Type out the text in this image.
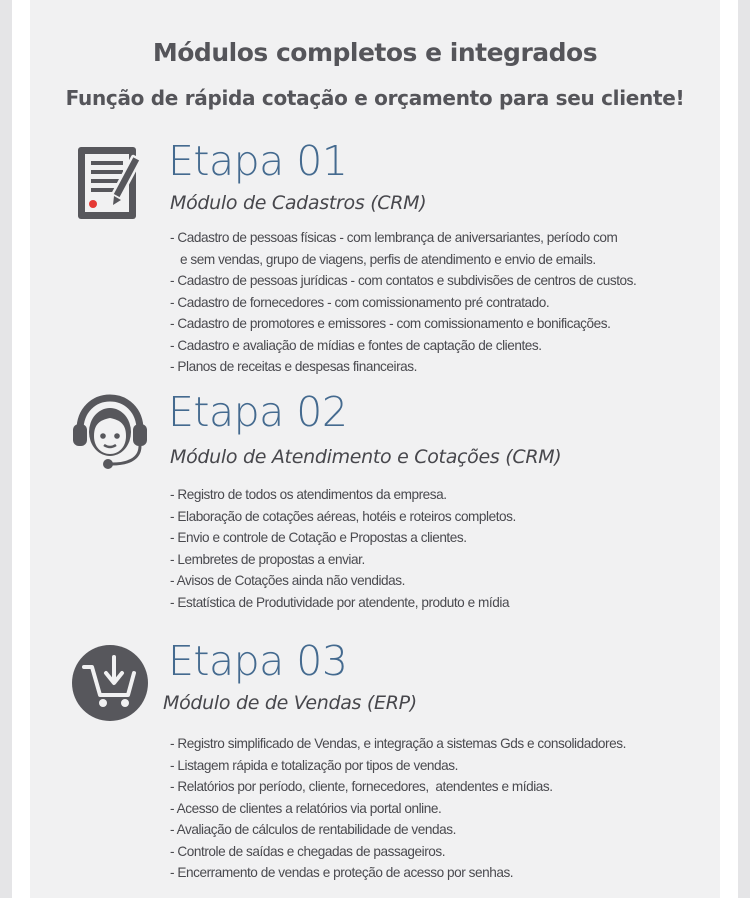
Módulos completos e integrados
Função de rápida cotação e orçamento para seu cliente!
Etapa 01
Módulo de Cadastros (CRM)
- Cadastro de pessoas físicas - com lembrança de aniversariantes, período com
e sem vendas, grupo de viagens, perfis de atendimento e envio de emails.
- Cadastro de pessoas jurídicas - com contatos e subdivisões de centros de custos.
- Cadastro de fornecedores - com comissionamento pré contratado.
- Cadastro de promotores e emissores - com comissionamento e bonificações.
- Cadastro e avaliação de mídias e fontes de captação de clientes.
- Planos de receitas e despesas financeiras.
Etapa 02
Módulo de Atendimento e Cotações (CRM)
- Registro de todos os atendimentos da empresa.
- Elaboração de cotações aéreas, hotéis e roteiros completos.
- Envio e controle de Cotação e Propostas a clientes.
- Lembretes de propostas a enviar.
- Avisos de Cotações ainda não vendidas.
- Estatística de Produtividade por atendente, produto e mídia
Etapa 03
Módulo de de Vendas (ERP)
- Registro simplificado de Vendas, e integração a sistemas Gds e consolidadores.
- Listagem rápida e totalização por tipos de vendas.
- Relatórios por período, cliente, fornecedores,  atendentes e mídias.
- Acesso de clientes a relatórios via portal online.
- Avaliação de cálculos de rentabilidade de vendas.
- Controle de saídas e chegadas de passageiros.
- Encerramento de vendas e proteção de acesso por senhas.
